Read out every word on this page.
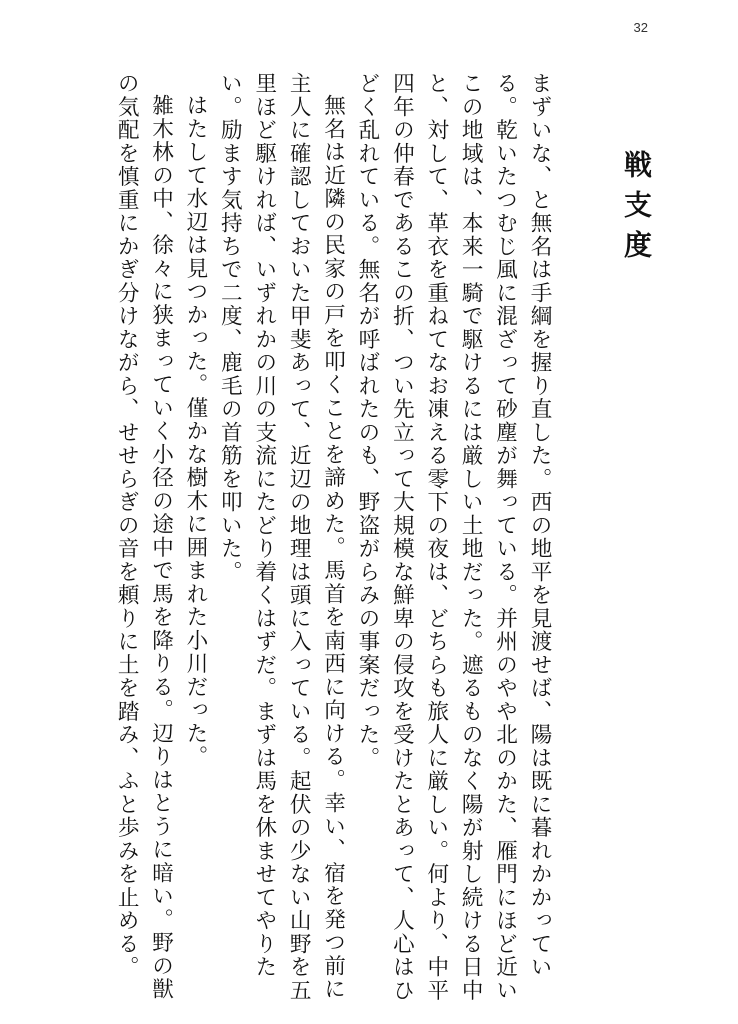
32
戦支度

まずいな、と無名は手綱を握り直した。西の地平を見渡せば、陽は既に暮れかかっている。乾いたつむじ風に混ざって砂塵が舞っている。并州のやや北のかた、雁門にほど近いこの地域は、本来一騎で駆けるには厳しい土地だった。遮るものなく陽が射し続ける日中と、対して、革衣を重ねてなお凍える零下の夜は、どちらも旅人に厳しい。何より、中平四年の仲春であるこの折、つい先立って大規模な鮮卑の侵攻を受けたとあって、人心はひどく乱れている。無名が呼ばれたのも、野盗がらみの事案だった。

無名は近隣の民家の戸を叩くことを諦めた。馬首を南西に向ける。幸い、宿を発つ前に主人に確認しておいた甲斐あって、近辺の地理は頭に入っている。起伏の少ない山野を五里ほど駆ければ、いずれかの川の支流にたどり着くはずだ。まずは馬を休ませてやりたい。励ます気持ちで二度、鹿毛の首筋を叩いた。

はたして水辺は見つかった。僅かな樹木に囲まれた小川だった。

雑木林の中、徐々に狭まっていく小径の途中で馬を降りる。辺りはとうに暗い。野の獣の気配を慎重にかぎ分けながら、せせらぎの音を頼りに土を踏み、ふと歩みを止める。
